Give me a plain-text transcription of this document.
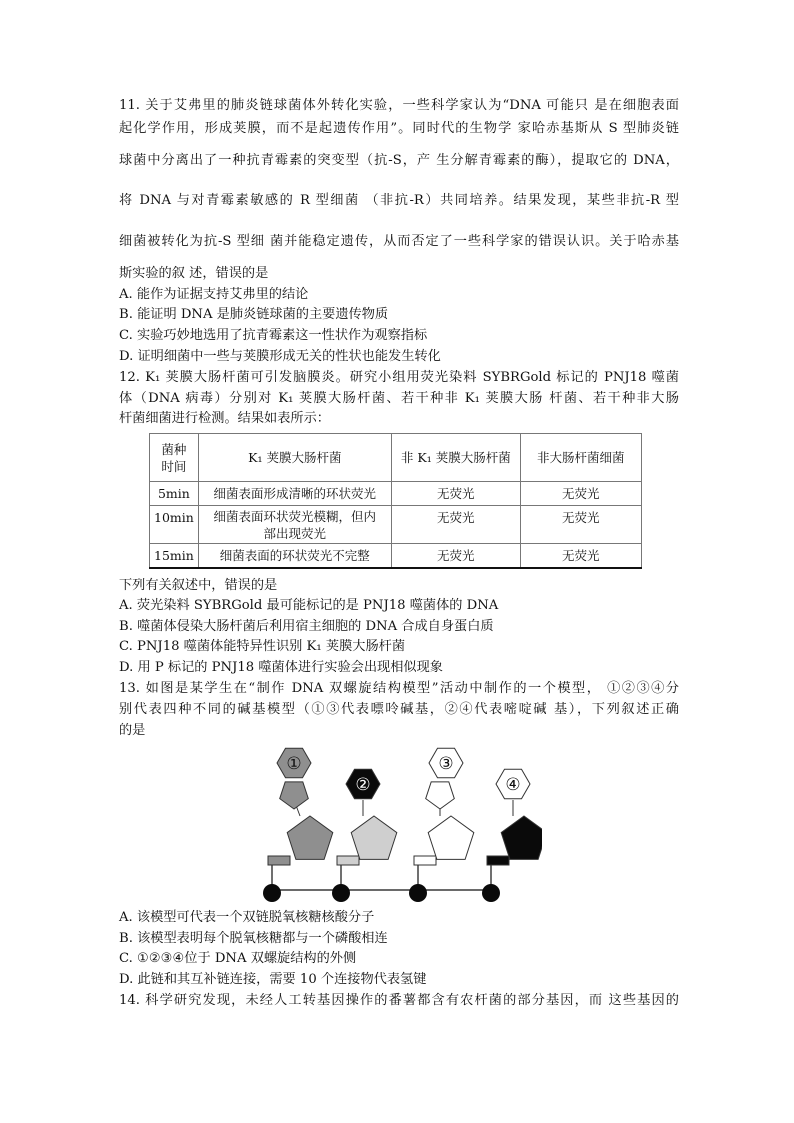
11. 关于艾弗里的肺炎链球菌体外转化实验，一些科学家认为“DNA 可能只 是在细胞表面
起化学作用，形成荚膜，而不是起遗传作用”。同时代的生物学 家哈赤基斯从 S 型肺炎链
球菌中分离出了一种抗青霉素的突变型（抗-S，产 生分解青霉素的酶），提取它的 DNA，
将 DNA 与对青霉素敏感的 R 型细菌 （非抗-R）共同培养。结果发现，某些非抗-R 型
细菌被转化为抗-S 型细 菌并能稳定遗传，从而否定了一些科学家的错误认识。关于哈赤基
斯实验的叙 述，错误的是
A. 能作为证据支持艾弗里的结论
B. 能证明 DNA 是肺炎链球菌的主要遗传物质
C. 实验巧妙地选用了抗青霉素这一性状作为观察指标
D. 证明细菌中一些与荚膜形成无关的性状也能发生转化
12. K₁ 荚膜大肠杆菌可引发脑膜炎。研究小组用荧光染料 SYBRGold 标记的 PNJ18 噬菌
体（DNA 病毒）分别对 K₁ 荚膜大肠杆菌、若干种非 K₁ 荚膜大肠 杆菌、若干种非大肠
杆菌细菌进行检测。结果如表所示：
菌种
时间	K₁ 荚膜大肠杆菌	非 K₁ 荚膜大肠杆菌	非大肠杆菌细菌
5min	细菌表面形成清晰的环状荧光	无荧光	无荧光
10min	细菌表面环状荧光模糊，但内
部出现荧光	无荧光	无荧光
15min	细菌表面的环状荧光不完整	无荧光	无荧光
下列有关叙述中，错误的是
A. 荧光染料 SYBRGold 最可能标记的是 PNJ18 噬菌体的 DNA
B. 噬菌体侵染大肠杆菌后利用宿主细胞的 DNA 合成自身蛋白质
C. PNJ18 噬菌体能特异性识别 K₁ 荚膜大肠杆菌
D. 用 P 标记的 PNJ18 噬菌体进行实验会出现相似现象
13. 如图是某学生在“制作 DNA 双螺旋结构模型”活动中制作的一个模型， ①②③④分
别代表四种不同的碱基模型（①③代表嘌呤碱基，②④代表嘧啶碱 基），下列叙述正确
的是
①
②
③
④
A. 该模型可代表一个双链脱氧核糖核酸分子
B. 该模型表明每个脱氧核糖都与一个磷酸相连
C. ①②③④位于 DNA 双螺旋结构的外侧
D. 此链和其互补链连接，需要 10 个连接物代表氢键
14. 科学研究发现，未经人工转基因操作的番薯都含有农杆菌的部分基因，而 这些基因的
